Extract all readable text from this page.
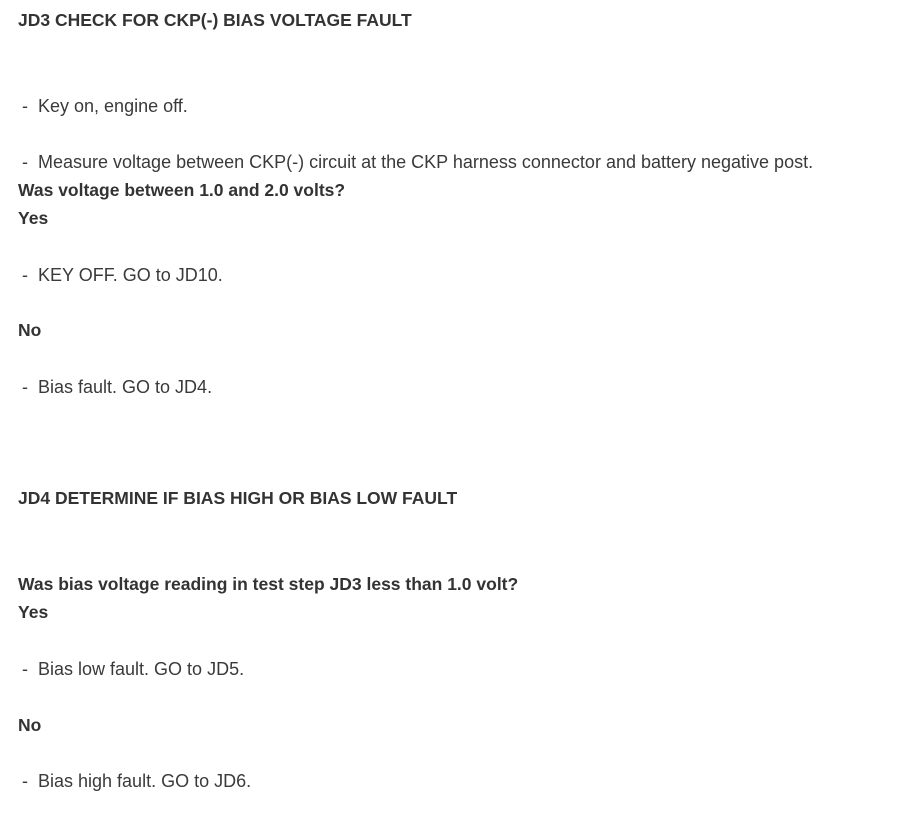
JD3 CHECK FOR CKP(-) BIAS VOLTAGE FAULT
- Key on, engine off.
- Measure voltage between CKP(-) circuit at the CKP harness connector and battery negative post.
Was voltage between 1.0 and 2.0 volts?
Yes
- KEY OFF. GO to JD10.
No
- Bias fault. GO to JD4.
JD4 DETERMINE IF BIAS HIGH OR BIAS LOW FAULT
Was bias voltage reading in test step JD3 less than 1.0 volt?
Yes
- Bias low fault. GO to JD5.
No
- Bias high fault. GO to JD6.
